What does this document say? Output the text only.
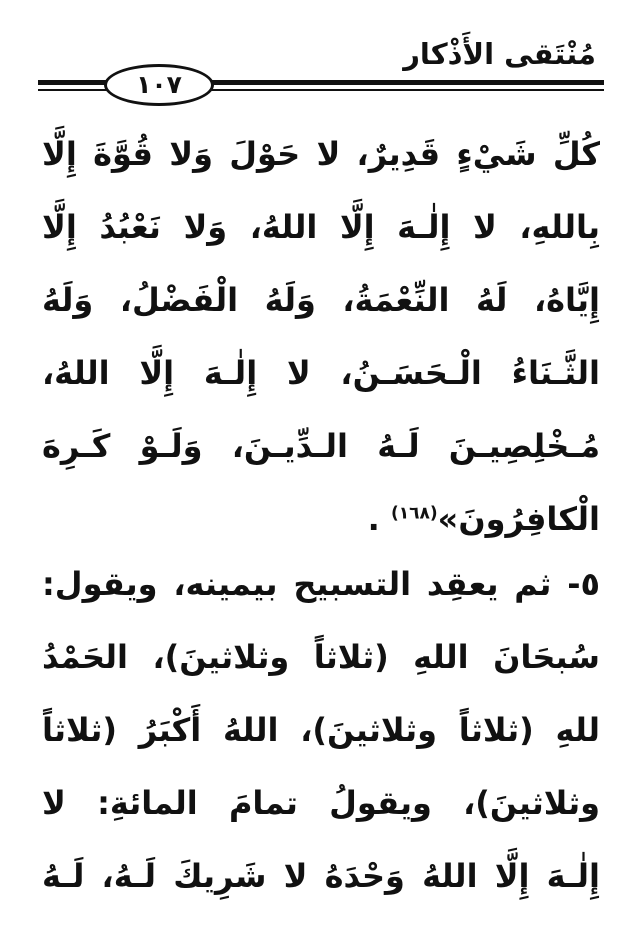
مُنْتَقى الأَذْكار
١٠٧
كُلِّ شَيْءٍ قَدِيرٌ، لا حَوْلَ وَلا قُوَّةَ إِلَّا
بِاللهِ، لا إِلٰـهَ إِلَّا اللهُ، وَلا نَعْبُدُ إِلَّا
إِيَّاهُ، لَهُ النِّعْمَةُ، وَلَهُ الْفَضْلُ، وَلَهُ
الثَّـنَاءُ الْـحَسَـنُ، لا إِلٰـهَ إِلَّا اللهُ،
مُـخْلِصِيـنَ لَـهُ الـدِّيـنَ، وَلَـوْ كَـرِهَ
الْكافِرُونَ»$^{(١٦٨)}$ .
٥- ثم يعقِد التسبيح بيمينه، ويقول:
سُبحَانَ اللهِ (ثلاثاً وثلاثينَ)، الحَمْدُ
للهِ (ثلاثاً وثلاثينَ)، اللهُ أَكْبَرُ (ثلاثاً
وثلاثينَ)، ويقولُ تمامَ المائةِ: لا
إِلٰـهَ إِلَّا اللهُ وَحْدَهُ لا شَرِيكَ لَـهُ، لَـهُ
